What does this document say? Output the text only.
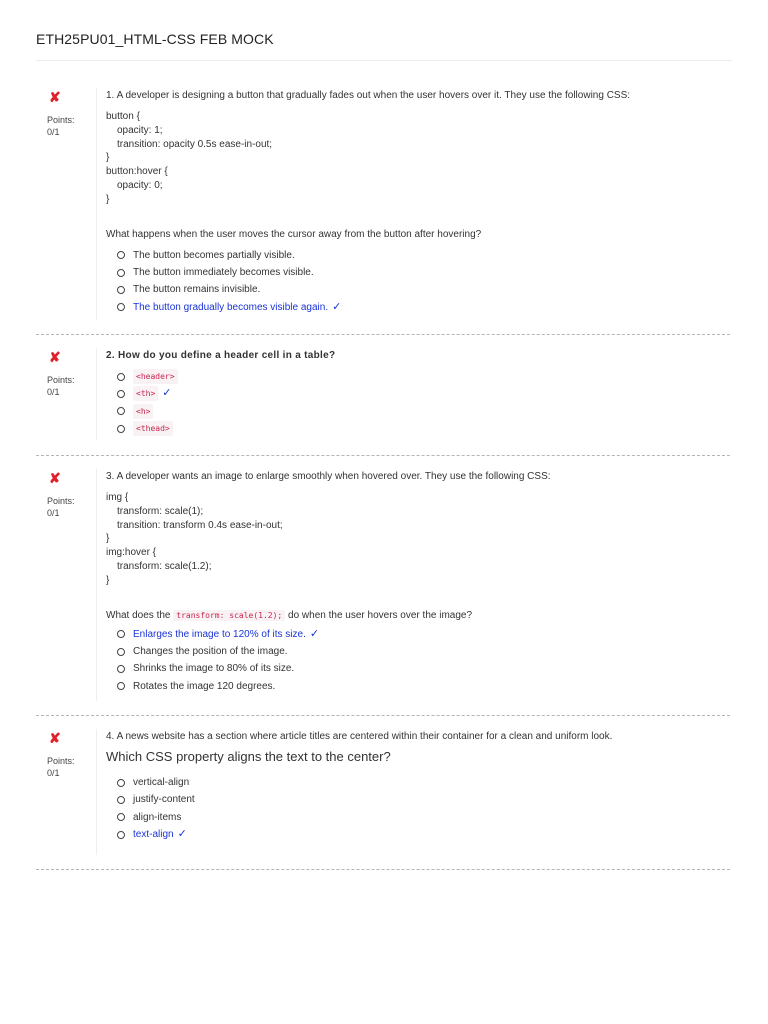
ETH25PU01_HTML-CSS FEB MOCK
✘
Points:
0/1

1. A developer is designing a button that gradually fades out when the user hovers over it. They use the following CSS:

button {
opacity: 1;
transition: opacity 0.5s ease-in-out;
}
button:hover {
opacity: 0;
}

What happens when the user moves the cursor away from the button after hovering?

The button becomes partially visible.
The button immediately becomes visible.
The button remains invisible.
The button gradually becomes visible again. ✓
✘
Points:
0/1

2. How do you define a header cell in a table?

<header>
<th> ✓
<h>
<thead>
✘
Points:
0/1

3. A developer wants an image to enlarge smoothly when hovered over. They use the following CSS:

img {
transform: scale(1);
transition: transform 0.4s ease-in-out;
}
img:hover {
transform: scale(1.2);
}

What does the transform: scale(1.2); do when the user hovers over the image?

Enlarges the image to 120% of its size. ✓
Changes the position of the image.
Shrinks the image to 80% of its size.
Rotates the image 120 degrees.
✘
Points:
0/1

4. A news website has a section where article titles are centered within their container for a clean and uniform look.

Which CSS property aligns the text to the center?

vertical-align
justify-content
align-items
text-align ✓
